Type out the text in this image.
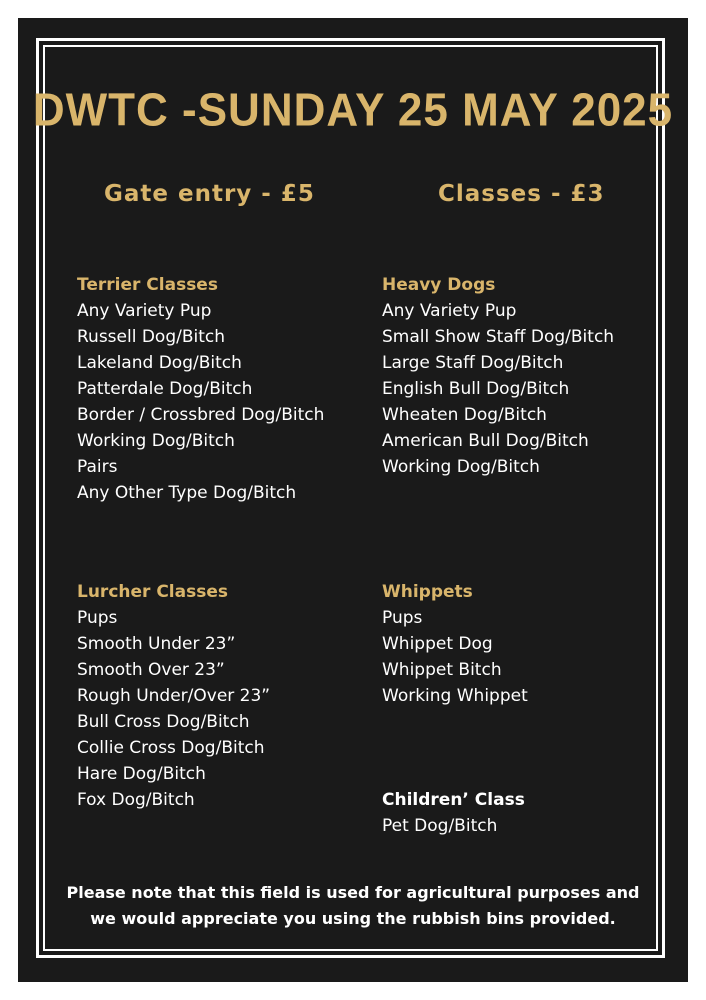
DWTC -SUNDAY 25 MAY 2025
Gate entry - £5	Classes - £3
Terrier Classes
Any Variety Pup
Russell Dog/Bitch
Lakeland Dog/Bitch
Patterdale Dog/Bitch
Border / Crossbred Dog/Bitch
Working Dog/Bitch
Pairs
Any Other Type Dog/Bitch
Heavy Dogs
Any Variety Pup
Small Show Staff Dog/Bitch
Large Staff Dog/Bitch
English Bull Dog/Bitch
Wheaten Dog/Bitch
American Bull Dog/Bitch
Working Dog/Bitch
Lurcher Classes
Pups
Smooth Under 23”
Smooth Over 23”
Rough Under/Over 23”
Bull Cross Dog/Bitch
Collie Cross Dog/Bitch
Hare Dog/Bitch
Fox Dog/Bitch
Whippets
Pups
Whippet Dog
Whippet Bitch
Working Whippet
Children’ Class
Pet Dog/Bitch
Please note that this field is used for agricultural purposes and
we would appreciate you using the rubbish bins provided.
